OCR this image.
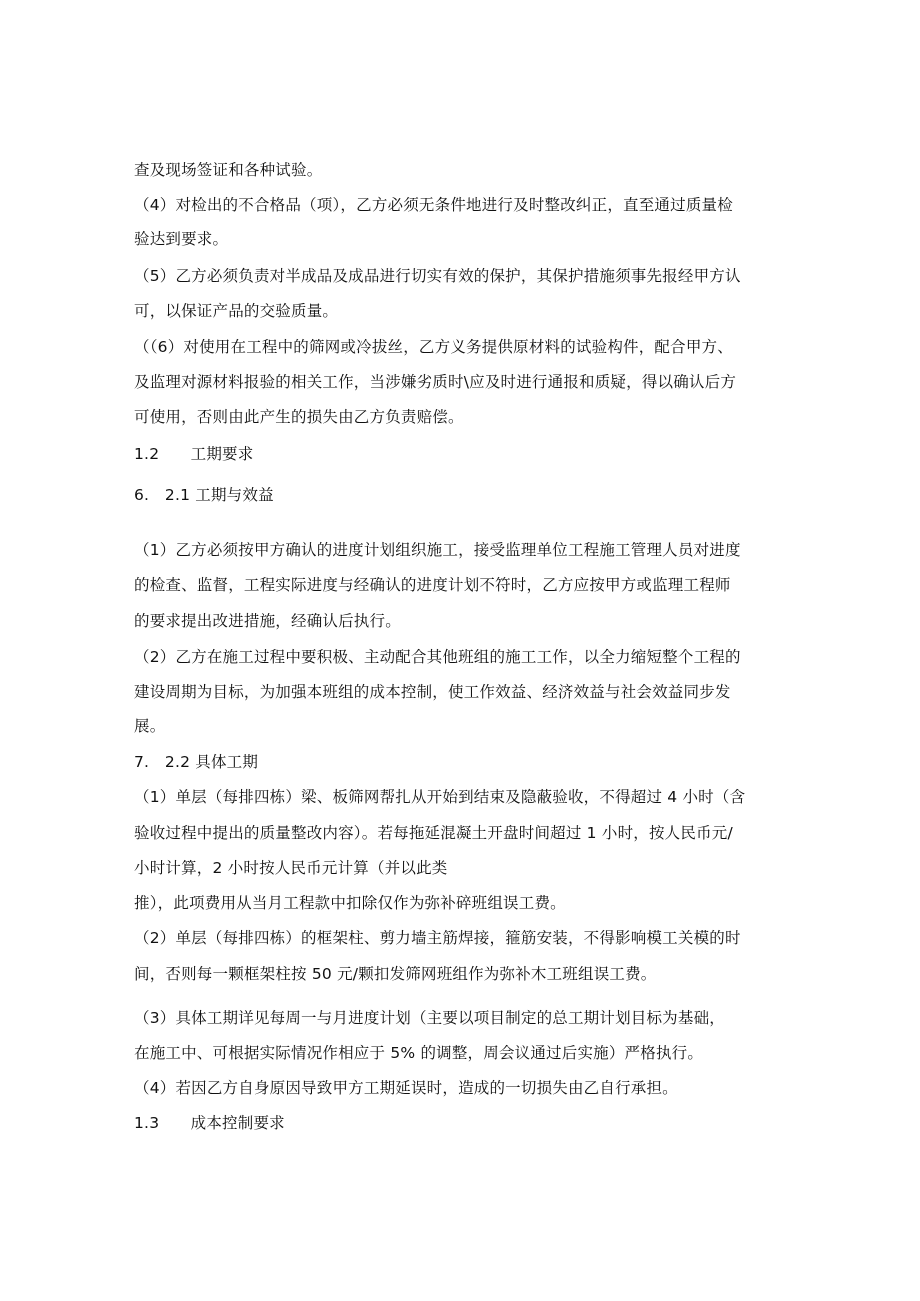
查及现场签证和各种试验。
（4）对检出的不合格品（项），乙方必须无条件地进行及时整改纠正，直至通过质量检
验达到要求。
（5）乙方必须负责对半成品及成品进行切实有效的保护，其保护措施须事先报经甲方认
可，以保证产品的交验质量。
（（6）对使用在工程中的筛网或冷拔丝，乙方义务提供原材料的试验构件，配合甲方、
及监理对源材料报验的相关工作，当涉嫌劣质时\应及时进行通报和质疑，得以确认后方
可使用，否则由此产生的损失由乙方负责赔偿。
1.2　　工期要求
6.　2.1 工期与效益
（1）乙方必须按甲方确认的进度计划组织施工，接受监理单位工程施工管理人员对进度
的检查、监督，工程实际进度与经确认的进度计划不符时，乙方应按甲方或监理工程师
的要求提出改进措施，经确认后执行。
（2）乙方在施工过程中要积极、主动配合其他班组的施工工作，以全力缩短整个工程的
建设周期为目标，为加强本班组的成本控制，使工作效益、经济效益与社会效益同步发
展。
7.　2.2 具体工期
（1）单层（每排四栋）梁、板筛网帮扎从开始到结束及隐蔽验收，不得超过 4 小时（含
验收过程中提出的质量整改内容）。若每拖延混凝土开盘时间超过 1 小时，按人民币元/
小时计算，2 小时按人民币元计算（并以此类
推），此项费用从当月工程款中扣除仅作为弥补碎班组误工费。
（2）单层（每排四栋）的框架柱、剪力墙主筋焊接，箍筋安装，不得影响模工关模的时
间，否则每一颗框架柱按 50 元/颗扣发筛网班组作为弥补木工班组误工费。
（3）具体工期详见每周一与月进度计划（主要以项目制定的总工期计划目标为基础，
在施工中、可根据实际情况作相应于 5% 的调整，周会议通过后实施）严格执行。
（4）若因乙方自身原因导致甲方工期延误时，造成的一切损失由乙自行承担。
1.3　　成本控制要求
